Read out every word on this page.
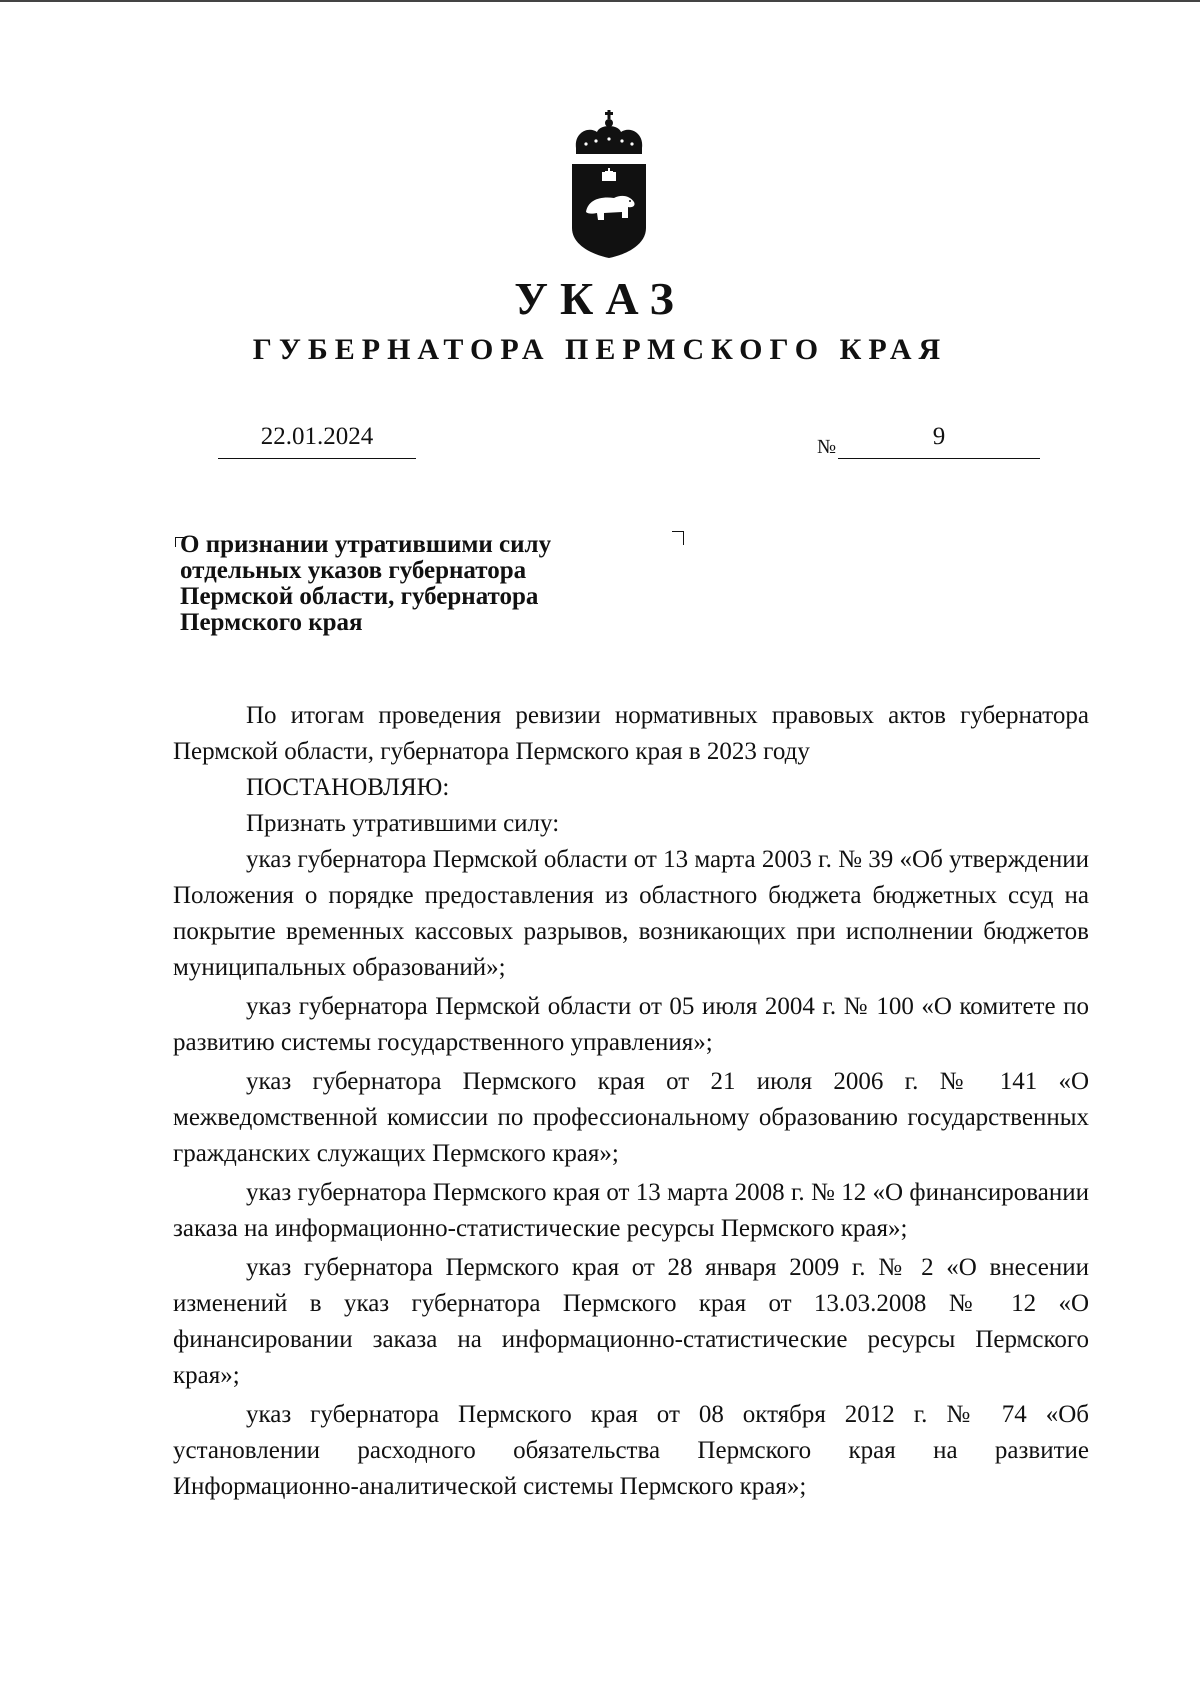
УКАЗ
ГУБЕРНАТОРА ПЕРМСКОГО КРАЯ
22.01.2024	№	9
О признании утратившими силу
отдельных указов губернатора
Пермской области, губернатора
Пермского края

По итогам проведения ревизии нормативных правовых актов губернатора Пермской области, губернатора Пермского края в 2023 году

ПОСТАНОВЛЯЮ:

Признать утратившими силу:

указ губернатора Пермской области от 13 марта 2003 г. № 39 «Об утверждении Положения о порядке предоставления из областного бюджета бюджетных ссуд на покрытие временных кассовых разрывов, возникающих при исполнении бюджетов муниципальных образований»;

указ губернатора Пермской области от 05 июля 2004 г. № 100 «О комитете по развитию системы государственного управления»;

указ губернатора Пермского края от 21 июля 2006 г. № 141 «О межведомственной комиссии по профессиональному образованию государственных гражданских служащих Пермского края»;

указ губернатора Пермского края от 13 марта 2008 г. № 12 «О финансировании заказа на информационно-статистические ресурсы Пермского края»;

указ губернатора Пермского края от 28 января 2009 г. № 2 «О внесении изменений в указ губернатора Пермского края от 13.03.2008 № 12 «О финансировании заказа на информационно-статистические ресурсы Пермского края»;

указ губернатора Пермского края от 08 октября 2012 г. № 74 «Об установлении расходного обязательства Пермского края на развитие Информационно-аналитической системы Пермского края»;
